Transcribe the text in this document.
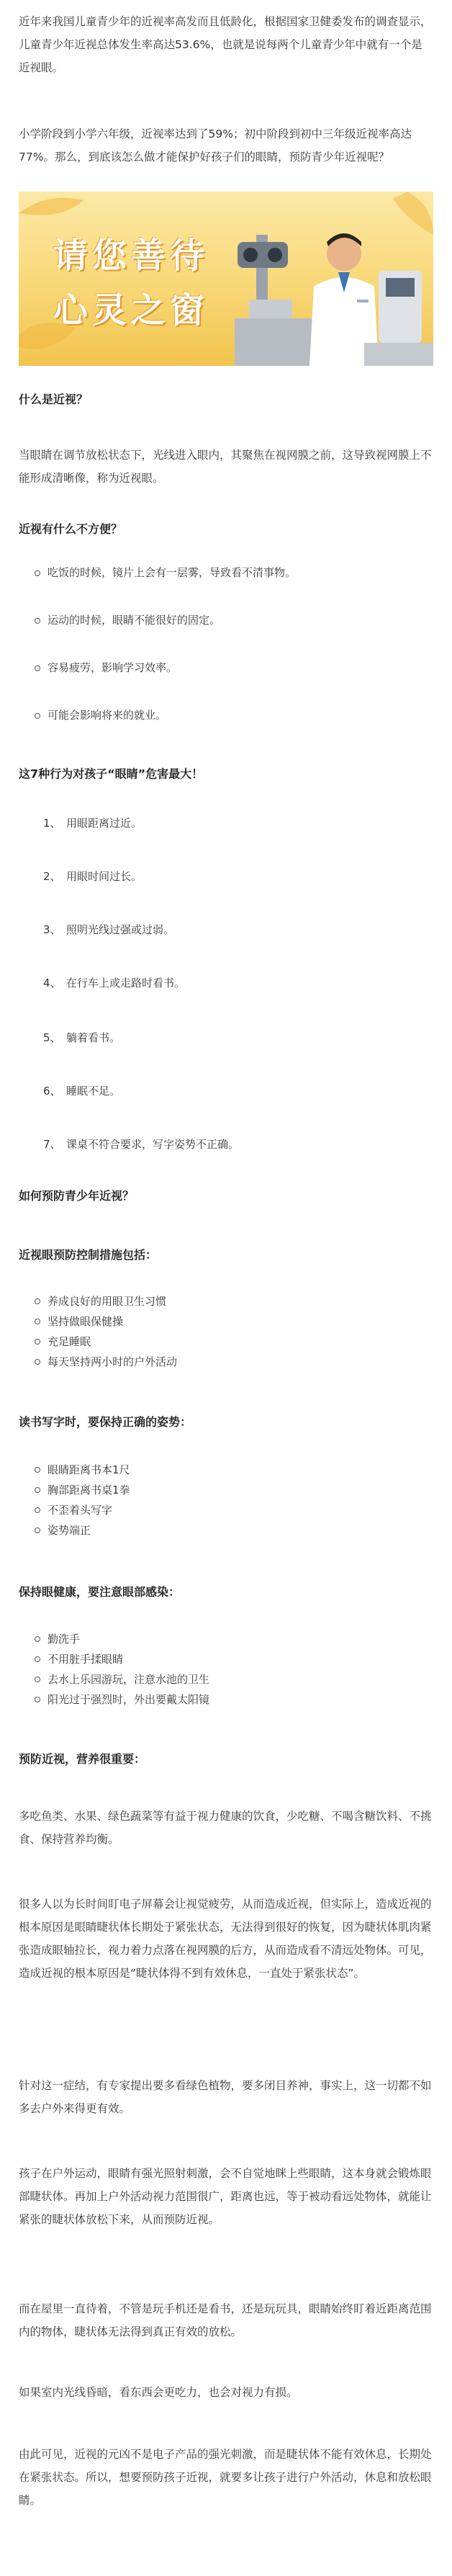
近年来我国儿童青少年的近视率高发而且低龄化，根据国家卫健委发布的调查显示，儿童青少年近视总体发生率高达53.6%，也就是说每两个儿童青少年中就有一个是近视眼。

小学阶段到小学六年级，近视率达到了59%；初中阶段到初中三年级近视率高达77%。那么，到底该怎么做才能保护好孩子们的眼睛，预防青少年近视呢？

请您善待
心灵之窗
什么是近视？

当眼睛在调节放松状态下，光线进入眼内，其聚焦在视网膜之前，这导致视网膜上不能形成清晰像，称为近视眼。

近视有什么不方便？
吃饭的时候，镜片上会有一层雾，导致看不清事物。
运动的时候，眼睛不能很好的固定。
容易疲劳，影响学习效率。
可能会影响将来的就业。
这7种行为对孩子“眼睛”危害最大！
1、 用眼距离过近。
2、 用眼时间过长。
3、 照明光线过强或过弱。
4、 在行车上或走路时看书。
5、 躺着看书。
6、 睡眠不足。
7、 课桌不符合要求，写字姿势不正确。
如何预防青少年近视？
近视眼预防控制措施包括：
养成良好的用眼卫生习惯
坚持做眼保健操
充足睡眠
每天坚持两小时的户外活动
读书写字时，要保持正确的姿势：
眼睛距离书本1尺
胸部距离书桌1拳
不歪着头写字
姿势端正
保持眼健康，要注意眼部感染：
勤洗手
不用脏手揉眼睛
去水上乐园游玩，注意水池的卫生
阳光过于强烈时，外出要戴太阳镜
预防近视，营养很重要：

多吃鱼类、水果、绿色蔬菜等有益于视力健康的饮食，少吃糖、不喝含糖饮料、不挑食、保持营养均衡。

很多人以为长时间盯电子屏幕会让视觉疲劳，从而造成近视，但实际上，造成近视的根本原因是眼睛睫状体长期处于紧张状态，无法得到很好的恢复，因为睫状体肌肉紧张造成眼轴拉长，视力着力点落在视网膜的后方，从而造成看不清远处物体。可见，造成近视的根本原因是“睫状体得不到有效休息，一直处于紧张状态”。

针对这一症结，有专家提出要多看绿色植物，要多闭目养神，事实上，这一切都不如多去户外来得更有效。

孩子在户外运动，眼睛有强光照射刺激，会不自觉地眯上些眼睛，这本身就会锻炼眼部睫状体。再加上户外活动视力范围很广，距离也远，等于被动看远处物体，就能让紧张的睫状体放松下来，从而预防近视。

而在屋里一直待着，不管是玩手机还是看书，还是玩玩具，眼睛始终盯着近距离范围内的物体，睫状体无法得到真正有效的放松。

如果室内光线昏暗，看东西会更吃力，也会对视力有损。

由此可见，近视的元凶不是电子产品的强光刺激，而是睫状体不能有效休息，长期处在紧张状态。所以，想要预防孩子近视，就要多让孩子进行户外活动，休息和放松眼睛。
